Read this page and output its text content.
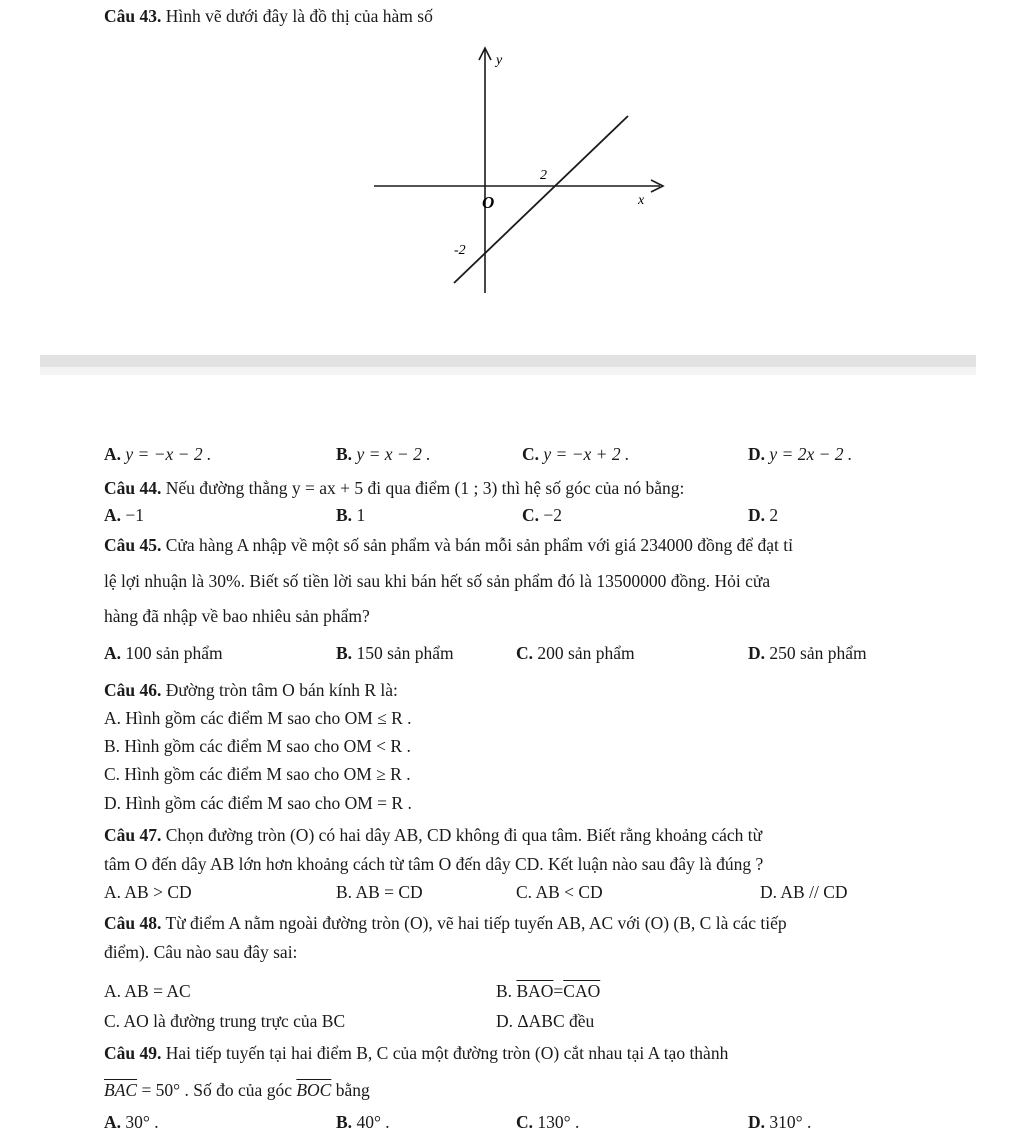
Câu 43. Hình vẽ dưới đây là đồ thị của hàm số
y
x
O
2
-2
A. y = −x − 2 .	B. y = x − 2 .	C. y = −x + 2 .	D. y = 2x − 2 .
Câu 44. Nếu đường thẳng y = ax + 5 đi qua điểm (1 ; 3) thì hệ số góc của nó bằng:
A. −1	B. 1	C. −2	D. 2
Câu 45. Cửa hàng A nhập về một số sản phẩm và bán mỗi sản phẩm với giá 234000 đồng để đạt tỉ
lệ lợi nhuận là 30%. Biết số tiền lời sau khi bán hết số sản phẩm đó là 13500000 đồng. Hỏi cửa
hàng đã nhập về bao nhiêu sản phẩm?
A. 100 sản phẩm	B. 150 sản phẩm	C. 200 sản phẩm	D. 250 sản phẩm
Câu 46. Đường tròn tâm O bán kính R là:
A. Hình gồm các điểm M sao cho OM ≤ R .
B. Hình gồm các điểm M sao cho OM < R .
C. Hình gồm các điểm M sao cho OM ≥ R .
D. Hình gồm các điểm M sao cho OM = R .
Câu 47. Chọn đường tròn (O) có hai dây AB, CD không đi qua tâm. Biết rằng khoảng cách từ
tâm O đến dây AB lớn hơn khoảng cách từ tâm O đến dây CD. Kết luận nào sau đây là đúng ?
A. AB > CD	B. AB = CD	C. AB < CD	D. AB // CD
Câu 48. Từ điểm A nằm ngoài đường tròn (O), vẽ hai tiếp tuyến AB, AC với (O) (B, C là các tiếp
điểm). Câu nào sau đây sai:
A. AB = AC	B. $\overline{BAO}=\overline{CAO}$
C. AO là đường trung trực của BC	D. ΔABC đều
Câu 49. Hai tiếp tuyến tại hai điểm B, C của một đường tròn (O) cắt nhau tại A tạo thành
$\overline{BAC} = 50^\circ$ . Số đo của góc $\overline{BOC}$ bằng
A. 30° .	B. 40° .	C. 130° .	D. 310° .
